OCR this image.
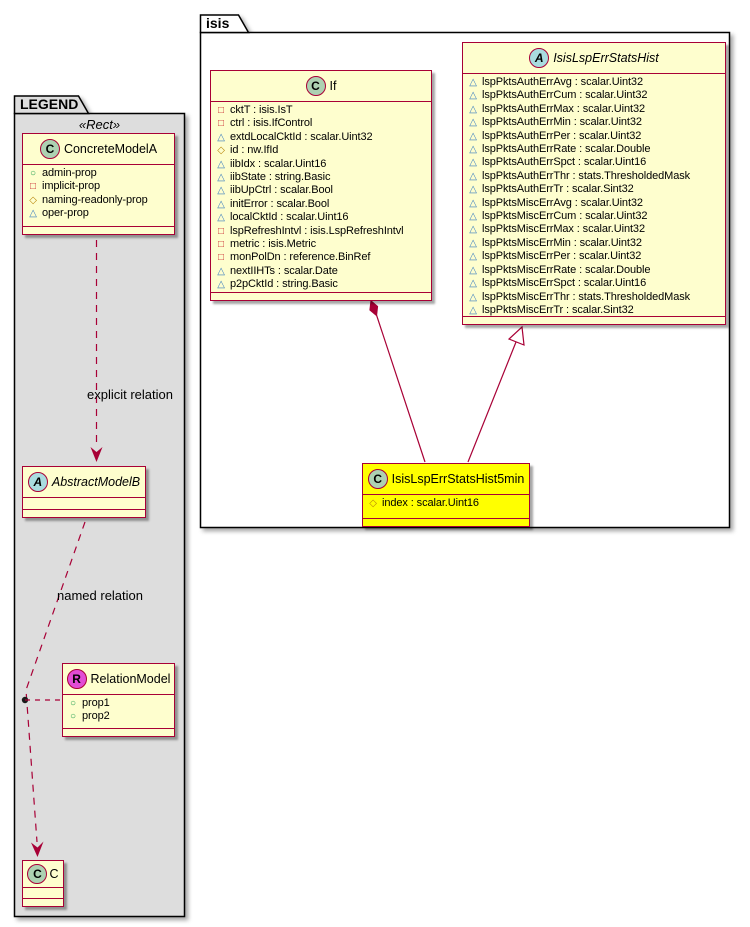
isis
LEGEND
«Rect»
explicit relation
named relation
C ConcreteModelA
○ admin-prop
□ implicit-prop
◇ naming-readonly-prop
△ oper-prop
A AbstractModelB
R RelationModel
○ prop1
○ prop2
C C
C If
□ cktT : isis.IsT
□ ctrl : isis.IfControl
△ extdLocalCktId : scalar.Uint32
◇ id : nw.IfId
△ iibIdx : scalar.Uint16
△ iibState : string.Basic
△ iibUpCtrl : scalar.Bool
△ initError : scalar.Bool
△ localCktId : scalar.Uint16
□ lspRefreshIntvl : isis.LspRefreshIntvl
□ metric : isis.Metric
□ monPolDn : reference.BinRef
△ nextIIHTs : scalar.Date
△ p2pCktId : string.Basic
A IsisLspErrStatsHist
△ lspPktsAuthErrAvg : scalar.Uint32
△ lspPktsAuthErrCum : scalar.Uint32
△ lspPktsAuthErrMax : scalar.Uint32
△ lspPktsAuthErrMin : scalar.Uint32
△ lspPktsAuthErrPer : scalar.Uint32
△ lspPktsAuthErrRate : scalar.Double
△ lspPktsAuthErrSpct : scalar.Uint16
△ lspPktsAuthErrThr : stats.ThresholdedMask
△ lspPktsAuthErrTr : scalar.Sint32
△ lspPktsMiscErrAvg : scalar.Uint32
△ lspPktsMiscErrCum : scalar.Uint32
△ lspPktsMiscErrMax : scalar.Uint32
△ lspPktsMiscErrMin : scalar.Uint32
△ lspPktsMiscErrPer : scalar.Uint32
△ lspPktsMiscErrRate : scalar.Double
△ lspPktsMiscErrSpct : scalar.Uint16
△ lspPktsMiscErrThr : stats.ThresholdedMask
△ lspPktsMiscErrTr : scalar.Sint32
C IsisLspErrStatsHist5min
◇ index : scalar.Uint16
